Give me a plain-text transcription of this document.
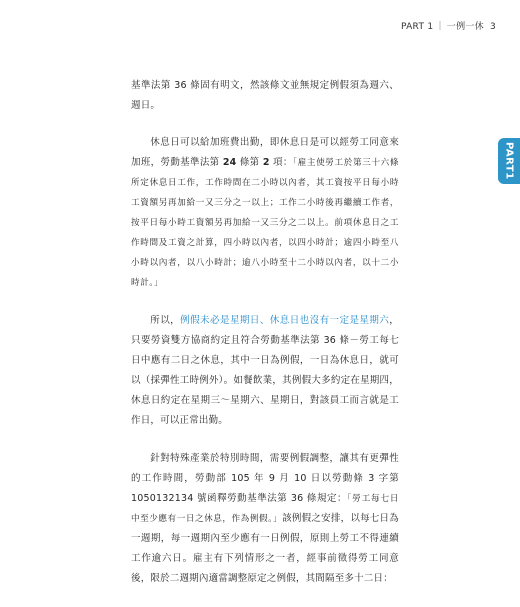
PART 1 ｜ 一例一休 3
PART1

基準法第 36 條固有明文，然該條文並無規定例假須為週六、週日。

休息日可以給加班費出勤，即休息日是可以經勞工同意來加班，勞動基準法第 24 條第 2 項：「雇主使勞工於第三十六條所定休息日工作，工作時間在二小時以內者，其工資按平日每小時工資額另再加給一又三分之一以上；工作二小時後再繼續工作者，按平日每小時工資額另再加給一又三分之二以上。前項休息日之工作時間及工資之計算，四小時以內者，以四小時計；逾四小時至八小時以內者，以八小時計；逾八小時至十二小時以內者，以十二小時計。」

所以，例假未必是星期日、休息日也沒有一定是星期六，只要勞資雙方協商約定且符合勞動基準法第 36 條－勞工每七日中應有二日之休息，其中一日為例假，一日為休息日，就可以（採彈性工時例外）。如餐飲業，其例假大多約定在星期四，休息日約定在星期三～星期六、星期日，對該員工而言就是工作日，可以正常出勤。

針對特殊產業於特別時間，需要例假調整，讓其有更彈性的工作時間，勞動部 105 年 9 月 10 日以勞動條 3 字第 1050132134 號函釋勞動基準法第 36 條規定：「勞工每七日中至少應有一日之休息，作為例假。」該例假之安排，以每七日為一週期，每一週期內至少應有一日例假，原則上勞工不得連續工作逾六日。雇主有下列情形之一者，經事前徵得勞工同意後，限於二週期內適當調整原定之例假，其間隔至多十二日：
